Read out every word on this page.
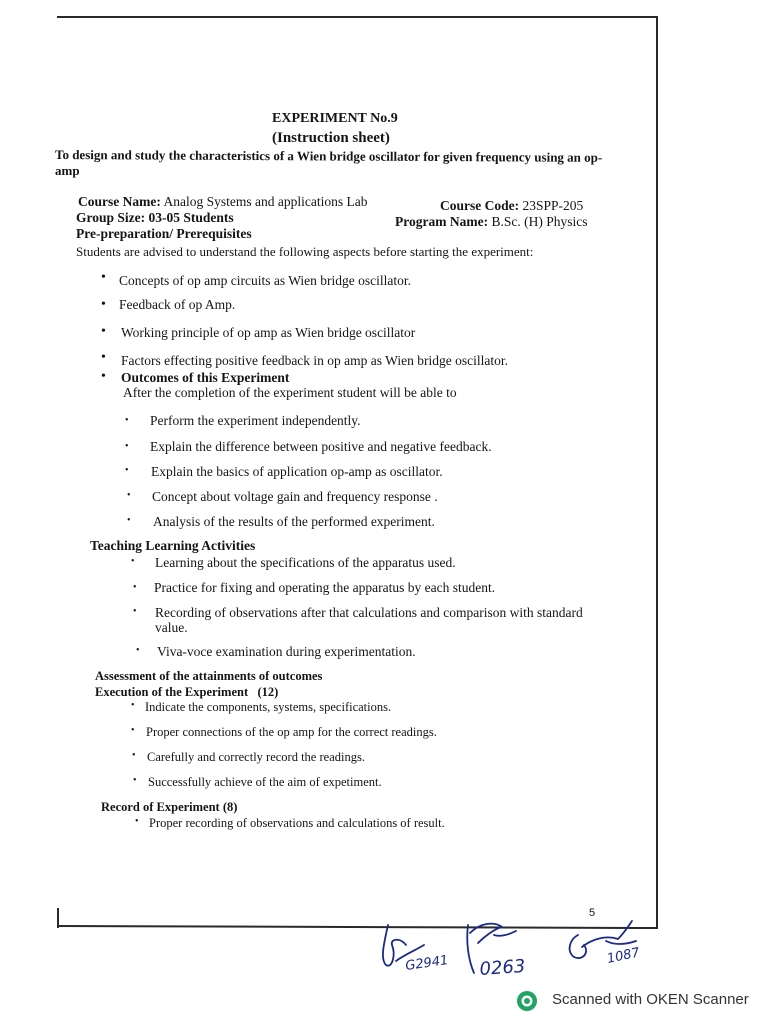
EXPERIMENT No.9
(Instruction sheet)
To design and study the characteristics of a Wien bridge oscillator for given frequency using an op-
amp
Course Name: Analog Systems and applications Lab	Course Code: 23SPP-205
Group Size: 03-05 Students	Program Name: B.Sc. (H) Physics
Pre-preparation/ Prerequisites
Students are advised to understand the following aspects before starting the experiment:
• Concepts of op amp circuits as Wien bridge oscillator.
• Feedback of op Amp.
• Working principle of op amp as Wien bridge oscillator
• Factors effecting positive feedback in op amp as Wien bridge oscillator.
• Outcomes of this Experiment
After the completion of the experiment student will be able to
• Perform the experiment independently.
• Explain the difference between positive and negative feedback.
• Explain the basics of application op-amp as oscillator.
• Concept about voltage gain and frequency response .
• Analysis of the results of the performed experiment.
Teaching Learning Activities
• Learning about the specifications of the apparatus used.
• Practice for fixing and operating the apparatus by each student.
• Recording of observations after that calculations and comparison with standard
value.
• Viva-voce examination during experimentation.
Assessment of the attainments of outcomes
Execution of the Experiment   (12)
• Indicate the components, systems, specifications.
• Proper connections of the op amp for the correct readings.
• Carefully and correctly record the readings.
• Successfully achieve of the aim of expetiment.
Record of Experiment (8)
• Proper recording of observations and calculations of result.
5
G2941 0263	1087
Scanned with OKEN Scanner
